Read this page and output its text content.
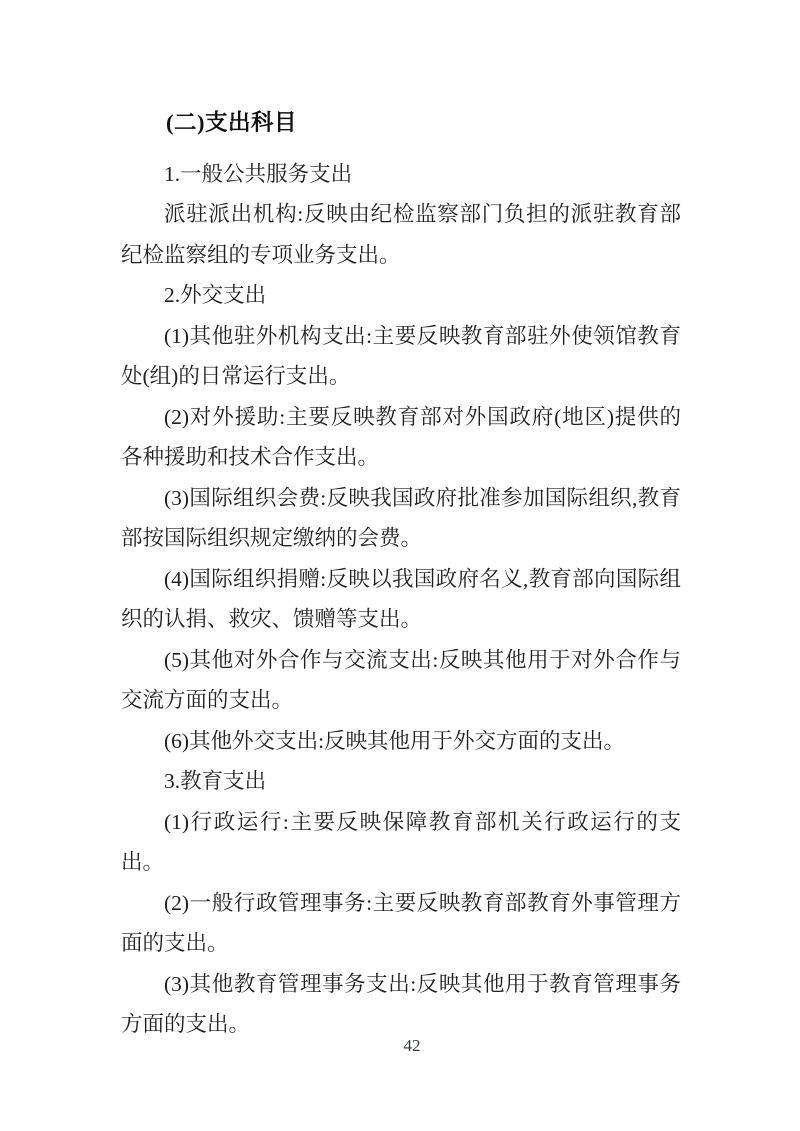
(二)支出科目

1.一般公共服务支出

派驻派出机构:反映由纪检监察部门负担的派驻教育部纪检监察组的专项业务支出。

2.外交支出

(1)其他驻外机构支出:主要反映教育部驻外使领馆教育处(组)的日常运行支出。

(2)对外援助:主要反映教育部对外国政府(地区)提供的各种援助和技术合作支出。

(3)国际组织会费:反映我国政府批准参加国际组织,教育部按国际组织规定缴纳的会费。

(4)国际组织捐赠:反映以我国政府名义,教育部向国际组织的认捐、救灾、馈赠等支出。

(5)其他对外合作与交流支出:反映其他用于对外合作与交流方面的支出。

(6)其他外交支出:反映其他用于外交方面的支出。

3.教育支出

(1)行政运行:主要反映保障教育部机关行政运行的支出。

(2)一般行政管理事务:主要反映教育部教育外事管理方面的支出。

(3)其他教育管理事务支出:反映其他用于教育管理事务方面的支出。

42
